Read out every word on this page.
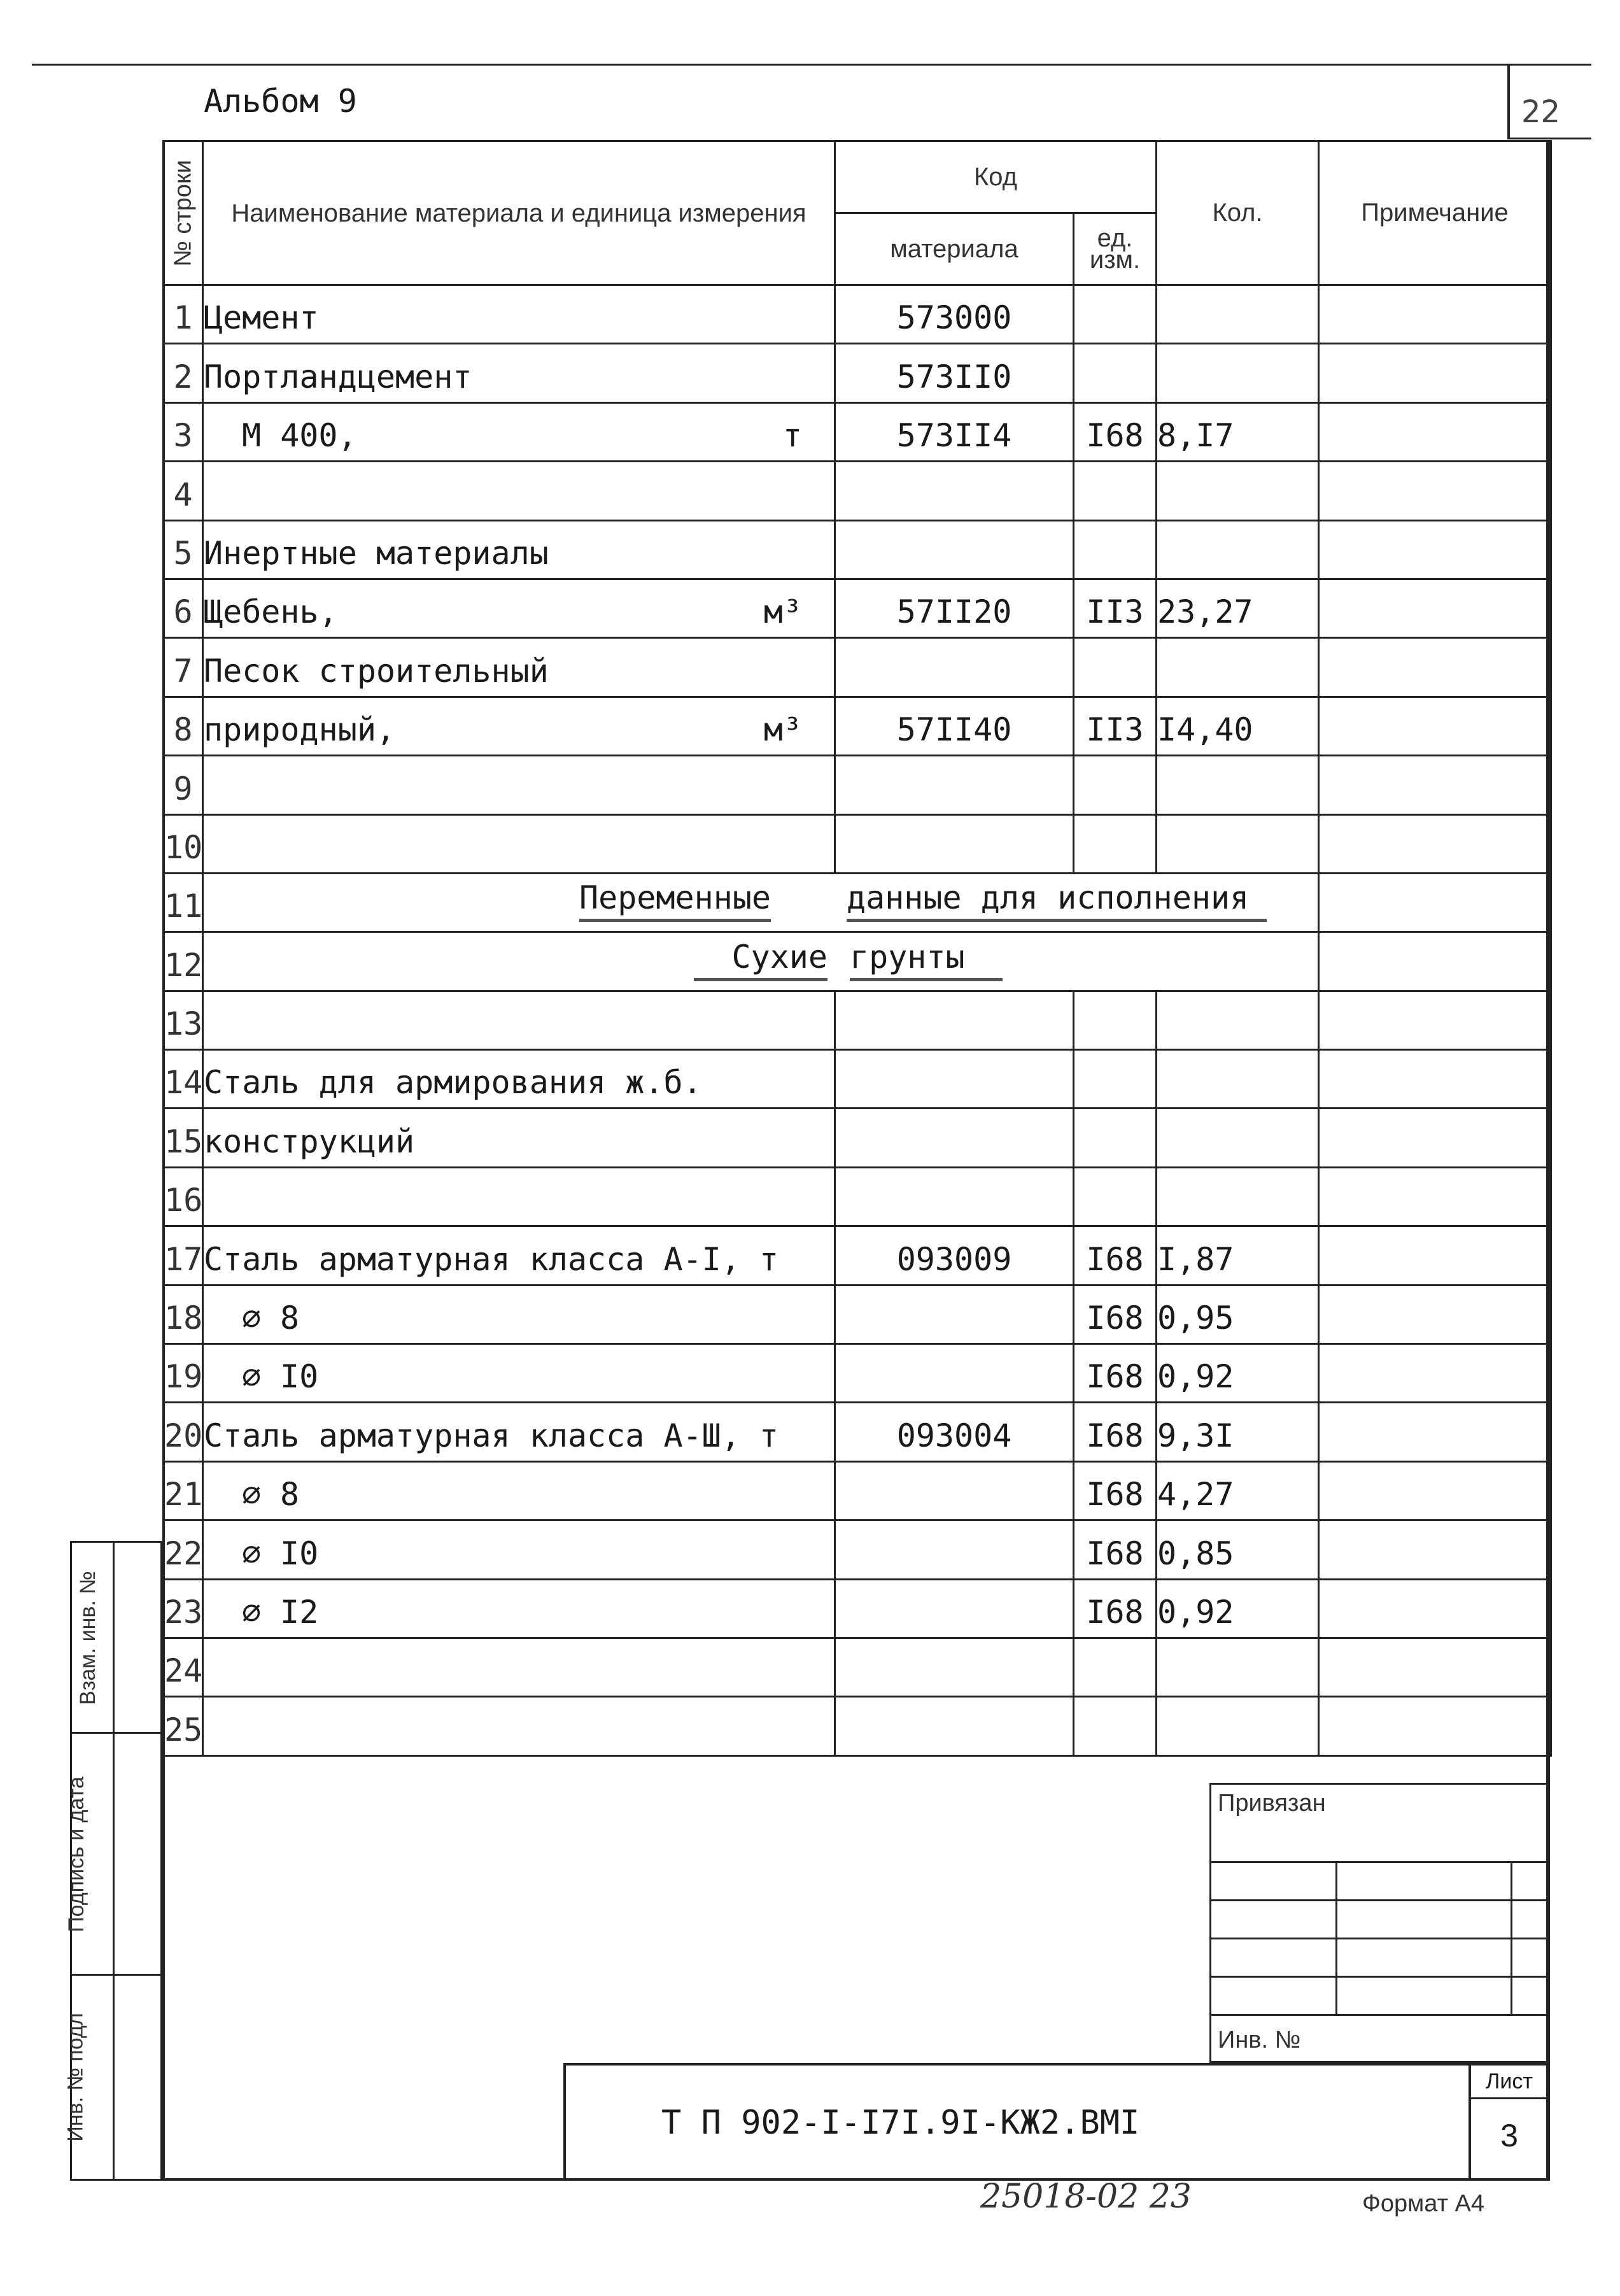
22
Альбом 9
№ строки	Наименование материала и единица измерения	Код		Кол.	Примечание	
		материала	ед. изм.			
1	Цемент	573000				
2	Портландцемент	573II0				
3	М 400, т	573II4	I68	8,I7		
4		

5	Инертные материалы	

6	Щебень, м³	57II20	II3	23,27		
7	Песок строительный	

8	природный, м³	57II40	II3	I4,40		
9		

10		

11	Переменные данные для исполнения					

12	Сухие грунты					

13		

14	Сталь для армирования ж.б.	

15	конструкций	

16		

17	Сталь арматурная класса А-I, т	093009	I68	I,87		
18	⌀ 8		I68	0,95		
19	⌀ I0		I68	0,92		
20	Сталь арматурная класса А-Ш, т	093004	I68	9,3I		
21	⌀ 8		I68	4,27		
22	⌀ I0		I68	0,85		
23	⌀ I2		I68	0,92		
24		

25		

Взам. инв. №
Подпись и дата
Инв. № подл
Привязан
Инв. №
Т П 902-I-I7I.9I-КЖ2.ВМI
Лист
3
25018-02 23	Формат А4
